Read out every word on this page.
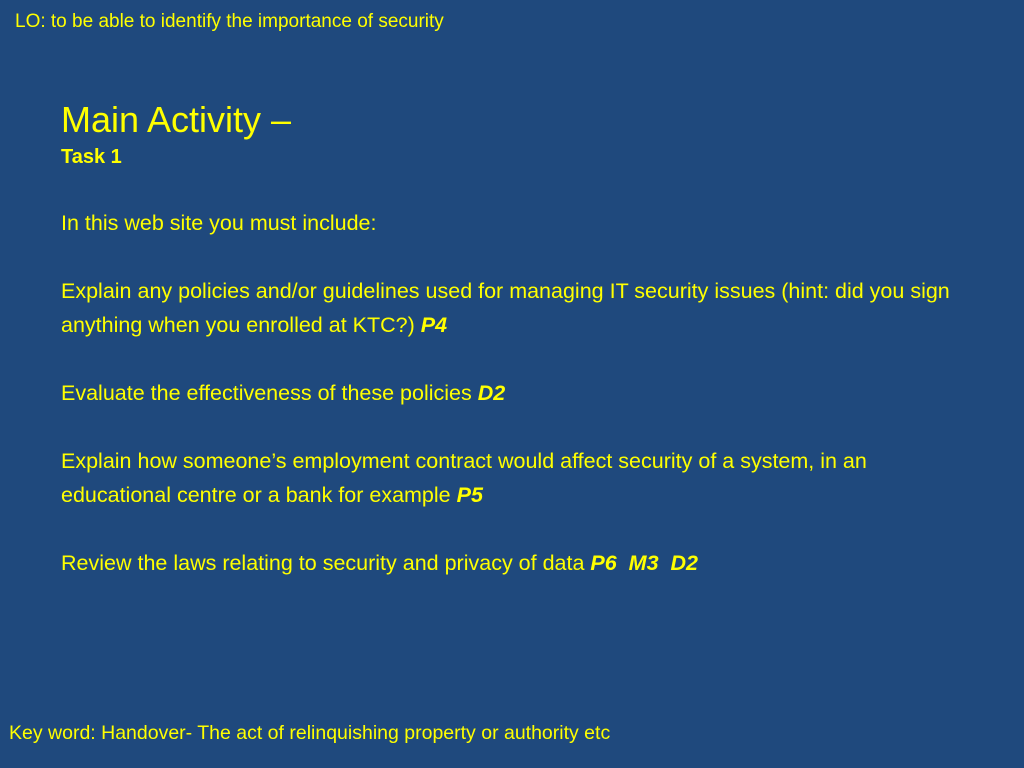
LO: to be able to identify the importance of security
Main Activity –
Task 1
In this web site you must include:
Explain any policies and/or guidelines used for managing IT security issues (hint: did you sign anything when you enrolled at KTC?) P4
Evaluate the effectiveness of these policies D2
Explain how someone’s employment contract would affect security of a system, in an educational centre or a bank for example P5
Review the laws relating to security and privacy of data P6  M3  D2
Key word: Handover- The act of relinquishing property or authority etc
